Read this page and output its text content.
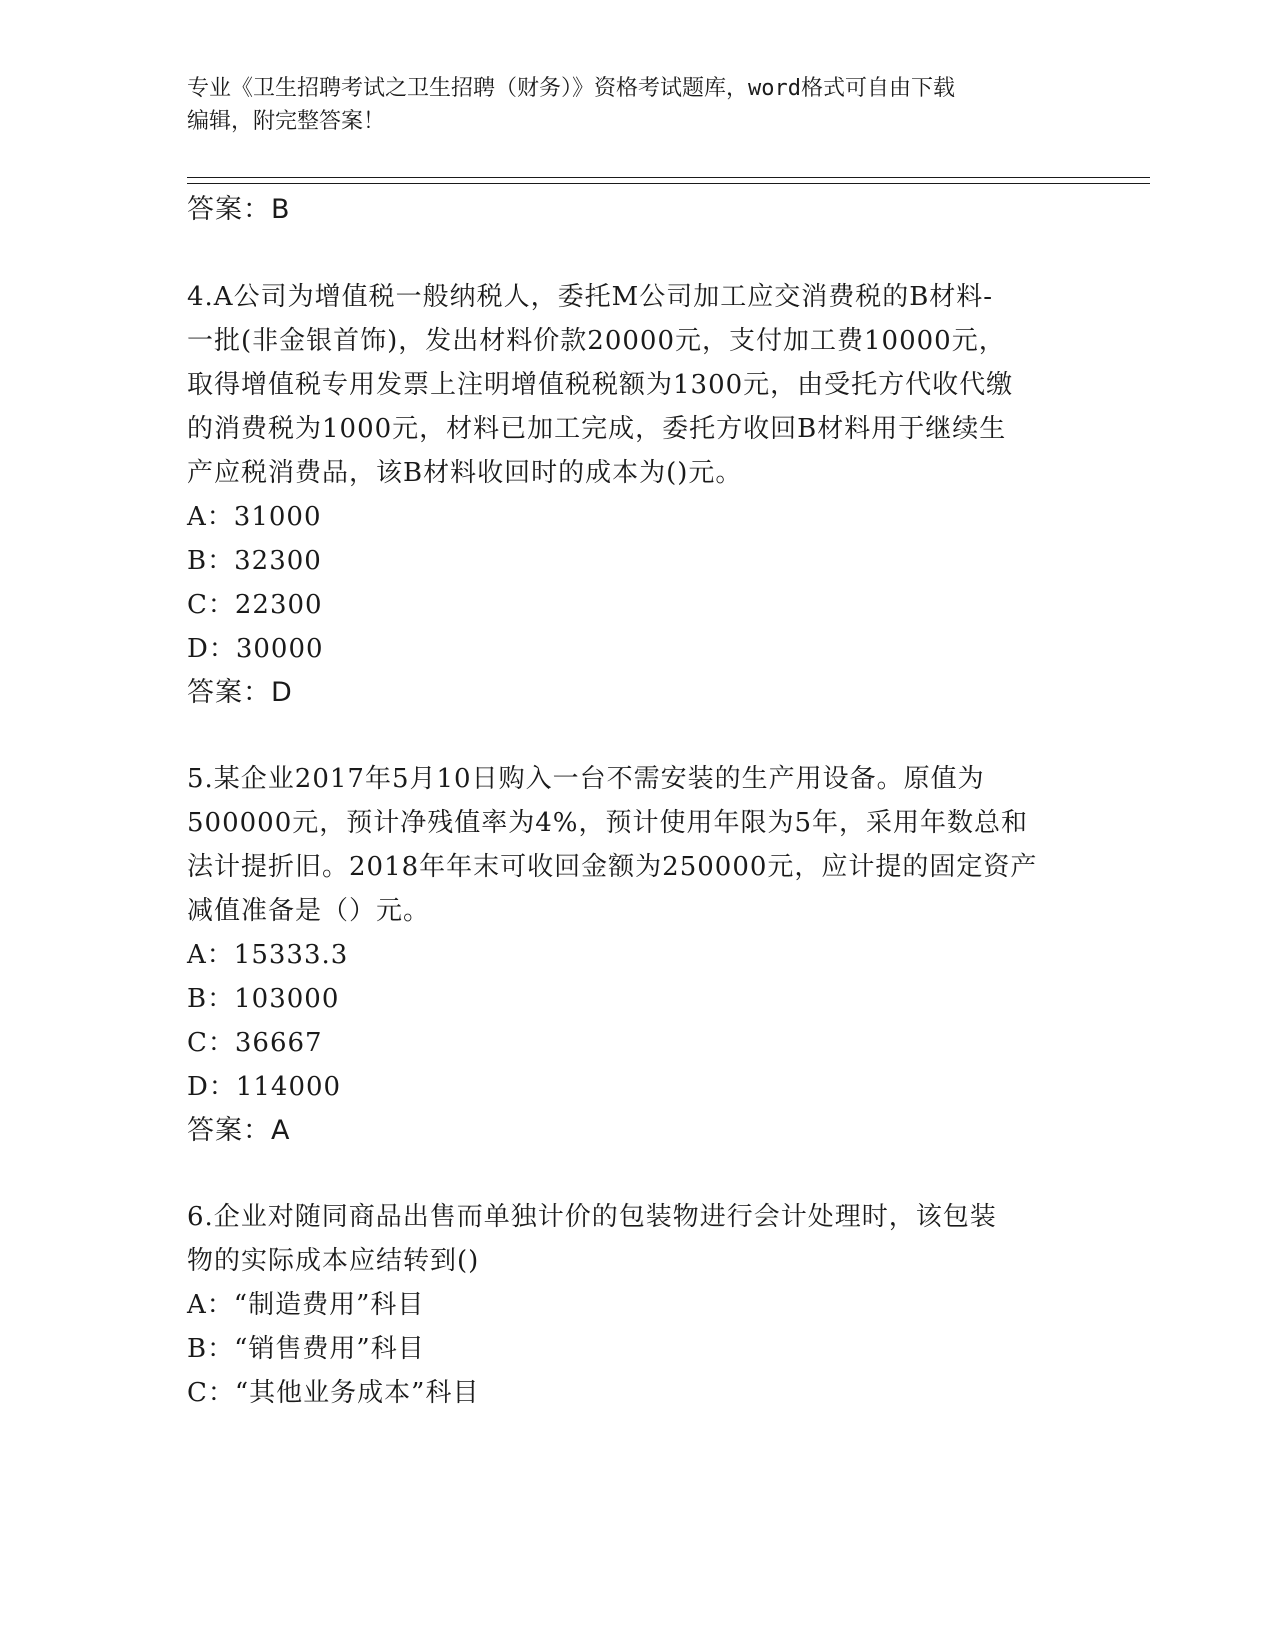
专业《卫生招聘考试之卫生招聘（财务）》资格考试题库，word格式可自由下载
编辑，附完整答案！
答案：B
4.A公司为增值税一般纳税人，委托M公司加工应交消费税的B材料-
一批(非金银首饰)，发出材料价款20000元，支付加工费10000元，
取得增值税专用发票上注明增值税税额为1300元，由受托方代收代缴
的消费税为1000元，材料已加工完成，委托方收回B材料用于继续生
产应税消费品，该B材料收回时的成本为()元。
A：31000
B：32300
C：22300
D：30000
答案：D
5.某企业2017年5月10日购入一台不需安装的生产用设备。原值为
500000元，预计净残值率为4%，预计使用年限为5年，采用年数总和
法计提折旧。2018年年末可收回金额为250000元，应计提的固定资产
减值准备是（）元。
A：15333.3
B：103000
C：36667
D：114000
答案：A
6.企业对随同商品出售而单独计价的包装物进行会计处理时，该包装
物的实际成本应结转到()
A：“制造费用”科目
B：“销售费用”科目
C：“其他业务成本”科目
